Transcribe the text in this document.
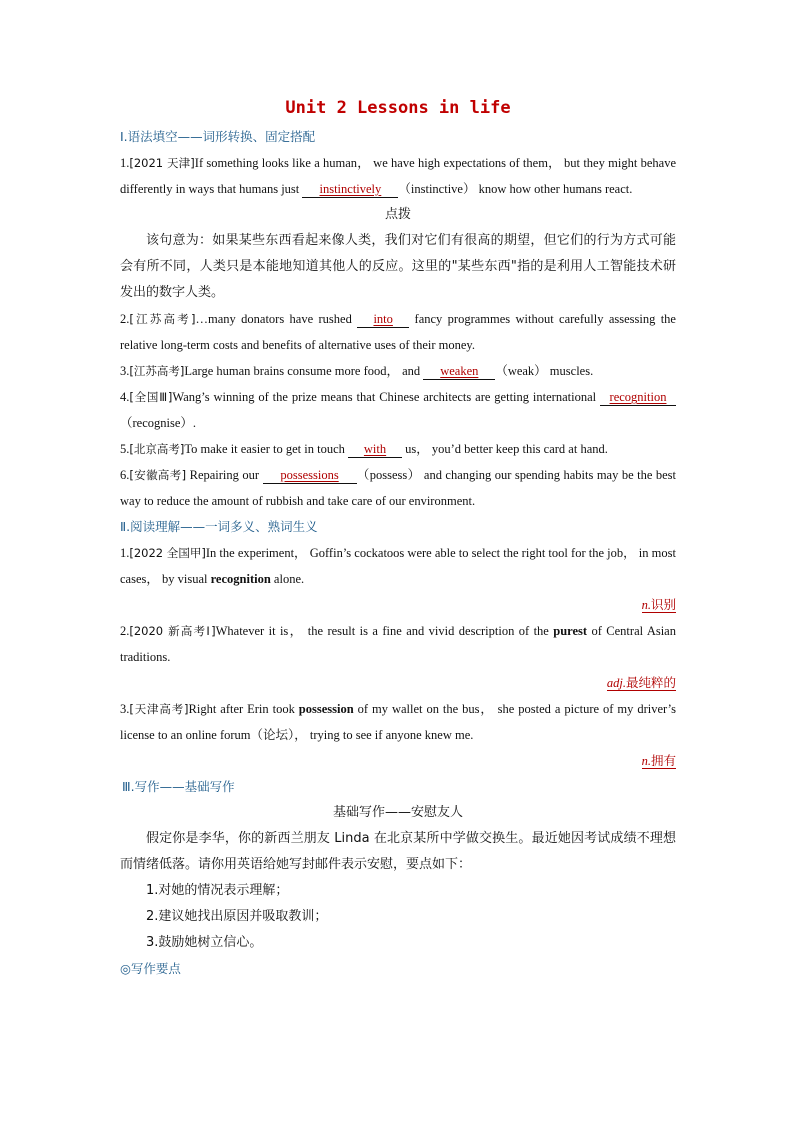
Unit 2 Lessons in life
Ⅰ.语法填空——词形转换、固定搭配

1.[2021 天津]If something looks like a human， we have high expectations of them， but they might behave differently in ways that humans just instinctively （instinctive） know how other humans react.

点拨

该句意为：如果某些东西看起来像人类，我们对它们有很高的期望，但它们的行为方式可能会有所不同，人类只是本能地知道其他人的反应。这里的"某些东西"指的是利用人工智能技术研发出的数字人类。

2.[江苏高考]…many donators have rushed into fancy programmes without carefully assessing the relative long-term costs and benefits of alternative uses of their money.

3.[江苏高考]Large human brains consume more food， and weaken （weak） muscles.

4.[全国Ⅲ]Wang’s winning of the prize means that Chinese architects are getting international recognition（recognise）.

5.[北京高考]To make it easier to get in touch with us， you’d better keep this card at hand.

6.[安徽高考] Repairing our possessions （possess） and changing our spending habits may be the best way to reduce the amount of rubbish and take care of our environment.

Ⅱ.阅读理解——一词多义、熟词生义

1.[2022 全国甲]In the experiment， Goffin’s cockatoos were able to select the right tool for the job， in most cases， by visual recognition alone.

n.识别

2.[2020 新高考Ⅰ]Whatever it is， the result is a fine and vivid description of the purest of Central Asian traditions.

adj.最纯粹的

3.[天津高考]Right after Erin took possession of my wallet on the bus， she posted a picture of my driver’s license to an online forum（论坛）， trying to see if anyone knew me.

n.拥有
Ⅲ.写作——基础写作
基础写作——安慰友人

假定你是李华，你的新西兰朋友 Linda 在北京某所中学做交换生。最近她因考试成绩不理想而情绪低落。请你用英语给她写封邮件表示安慰，要点如下：

1.对她的情况表示理解；
2.建议她找出原因并吸取教训；
3.鼓励她树立信心。
◎写作要点
